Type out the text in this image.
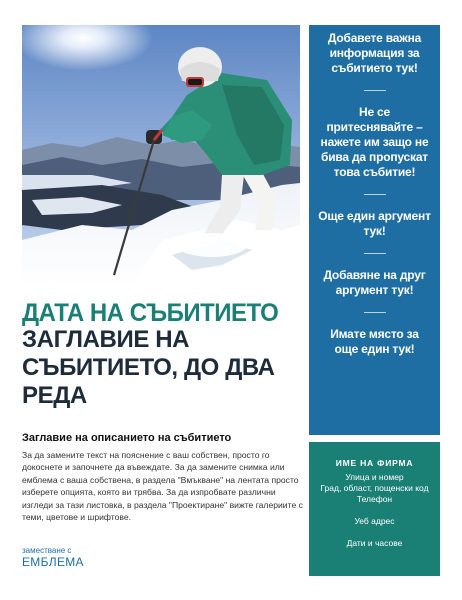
Добавете важна информация за събитието тук!
Не се притеснявайте – нажете им защо не бива да пропускат това събитие!
Още един аргумент тук!
Добавяне на друг аргумент тук!
Имате място за още един тук!
ИМЕ НА ФИРМА
Улица и номер
Град, област, пощенски код
Телефон
Уеб адрес
Дати и часове
ДАТА НА СЪБИТИЕТО
ЗАГЛАВИЕ НА СЪБИТИЕТО, ДО ДВА РЕДА
Заглавие на описанието на събитието
За да замените текст на пояснение с ваш собствен, просто го докоснете и започнете да въвеждате. За да замените снимка или емблема с ваша собствена, в раздела "Вмъкване" на лентата просто изберете опцията, която ви трябва. За да изпробвате различни изгледи за тази листовка, в раздела "Проектиране" вижте галериите с теми, цветове и шрифтове.
заместване с
ЕМБЛЕМА
